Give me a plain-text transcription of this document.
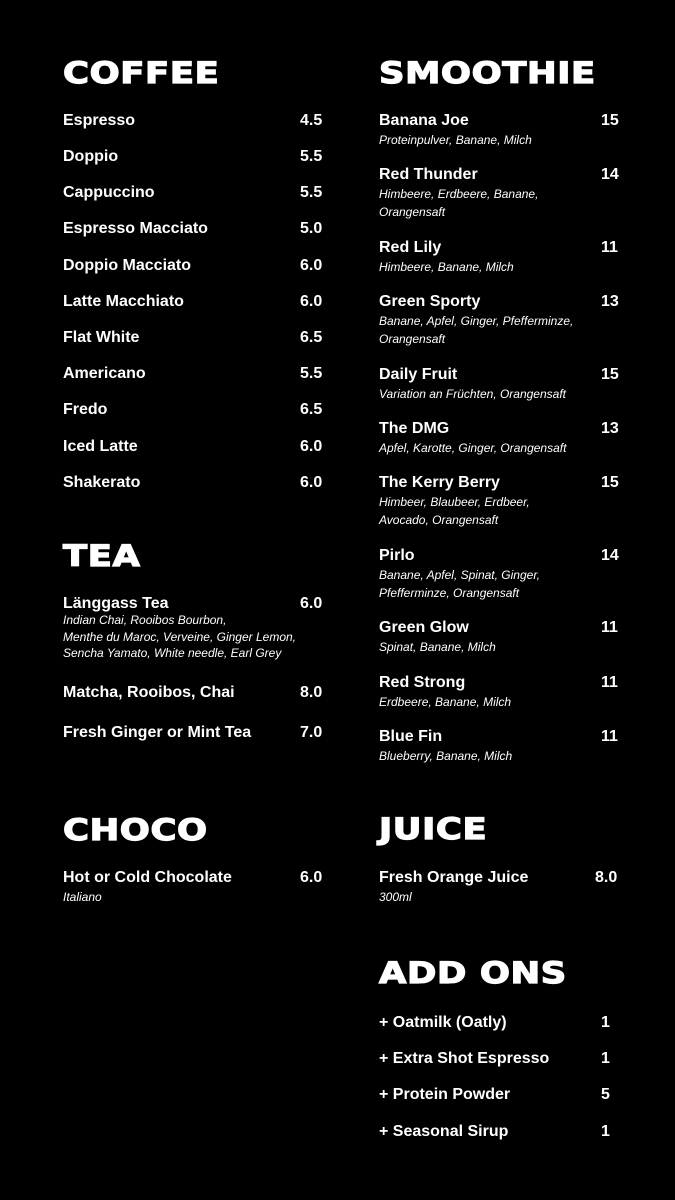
COFFEE
Espresso	4.5
Doppio	5.5
Cappuccino	5.5
Espresso Macciato	5.0
Doppio Macciato	6.0
Latte Macchiato	6.0
Flat White	6.5
Americano	5.5
Fredo	6.5
Iced Latte	6.0
Shakerato	6.0
TEA
Länggass Tea	6.0
Indian Chai, Rooibos Bourbon,
Menthe du Maroc, Verveine, Ginger Lemon,
Sencha Yamato, White needle, Earl Grey
Matcha, Rooibos, Chai	8.0
Fresh Ginger or Mint Tea	7.0
CHOCO
Hot or Cold Chocolate	6.0
Italiano
SMOOTHIE
Banana Joe	15
Proteinpulver, Banane, Milch
Red Thunder	14
Himbeere, Erdbeere, Banane,
Orangensaft
Red Lily	11
Himbeere, Banane, Milch
Green Sporty	13
Banane, Apfel, Ginger, Pfefferminze,
Orangensaft
Daily Fruit	15
Variation an Früchten, Orangensaft
The DMG	13
Apfel, Karotte, Ginger, Orangensaft
The Kerry Berry	15
Himbeer, Blaubeer, Erdbeer,
Avocado, Orangensaft
Pirlo	14
Banane, Apfel, Spinat, Ginger,
Pfefferminze, Orangensaft
Green Glow	11
Spinat, Banane, Milch
Red Strong	11
Erdbeere, Banane, Milch
Blue Fin	11
Blueberry, Banane, Milch
JUICE
Fresh Orange Juice	8.0
300ml
ADD ONS
+ Oatmilk (Oatly)	1
+ Extra Shot Espresso	1
+ Protein Powder	5
+ Seasonal Sirup	1
